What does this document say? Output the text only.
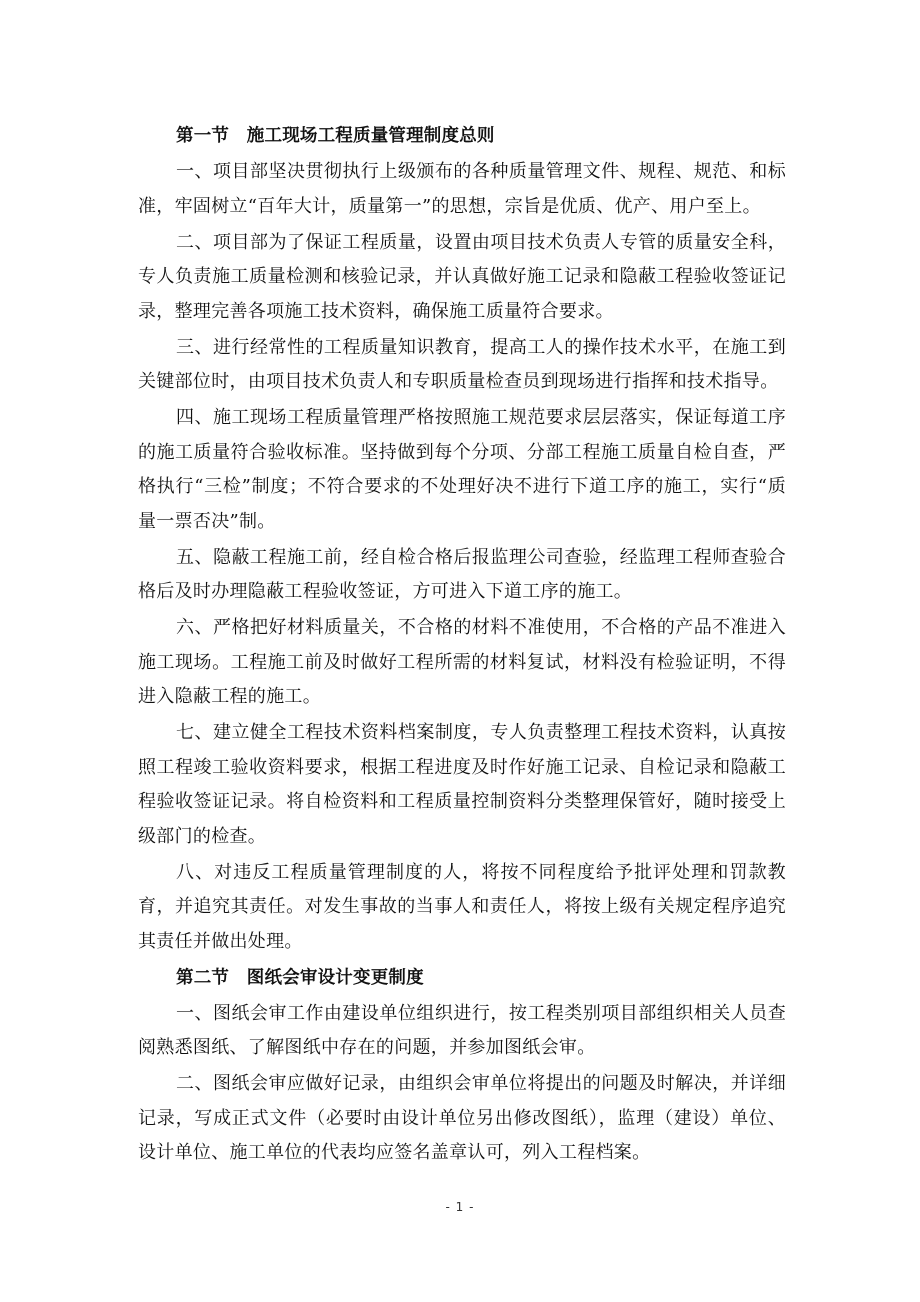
第一节　施工现场工程质量管理制度总则

一、项目部坚决贯彻执行上级颁布的各种质量管理文件、规程、规范、和标准，牢固树立“百年大计，质量第一”的思想，宗旨是优质、优产、用户至上。

二、项目部为了保证工程质量，设置由项目技术负责人专管的质量安全科，专人负责施工质量检测和核验记录，并认真做好施工记录和隐蔽工程验收签证记录，整理完善各项施工技术资料，确保施工质量符合要求。

三、进行经常性的工程质量知识教育，提高工人的操作技术水平，在施工到关键部位时，由项目技术负责人和专职质量检查员到现场进行指挥和技术指导。

四、施工现场工程质量管理严格按照施工规范要求层层落实，保证每道工序的施工质量符合验收标准。坚持做到每个分项、分部工程施工质量自检自查，严格执行“三检”制度；不符合要求的不处理好决不进行下道工序的施工，实行“质量一票否决”制。

五、隐蔽工程施工前，经自检合格后报监理公司查验，经监理工程师查验合格后及时办理隐蔽工程验收签证，方可进入下道工序的施工。

六、严格把好材料质量关，不合格的材料不准使用，不合格的产品不准进入施工现场。工程施工前及时做好工程所需的材料复试，材料没有检验证明，不得进入隐蔽工程的施工。

七、建立健全工程技术资料档案制度，专人负责整理工程技术资料，认真按照工程竣工验收资料要求，根据工程进度及时作好施工记录、自检记录和隐蔽工程验收签证记录。将自检资料和工程质量控制资料分类整理保管好，随时接受上级部门的检查。

八、对违反工程质量管理制度的人，将按不同程度给予批评处理和罚款教育，并追究其责任。对发生事故的当事人和责任人，将按上级有关规定程序追究其责任并做出处理。

第二节　图纸会审设计变更制度

一、图纸会审工作由建设单位组织进行，按工程类别项目部组织相关人员查阅熟悉图纸、了解图纸中存在的问题，并参加图纸会审。

二、图纸会审应做好记录，由组织会审单位将提出的问题及时解决，并详细记录，写成正式文件（必要时由设计单位另出修改图纸），监理（建设）单位、设计单位、施工单位的代表均应签名盖章认可，列入工程档案。

- 1 -
